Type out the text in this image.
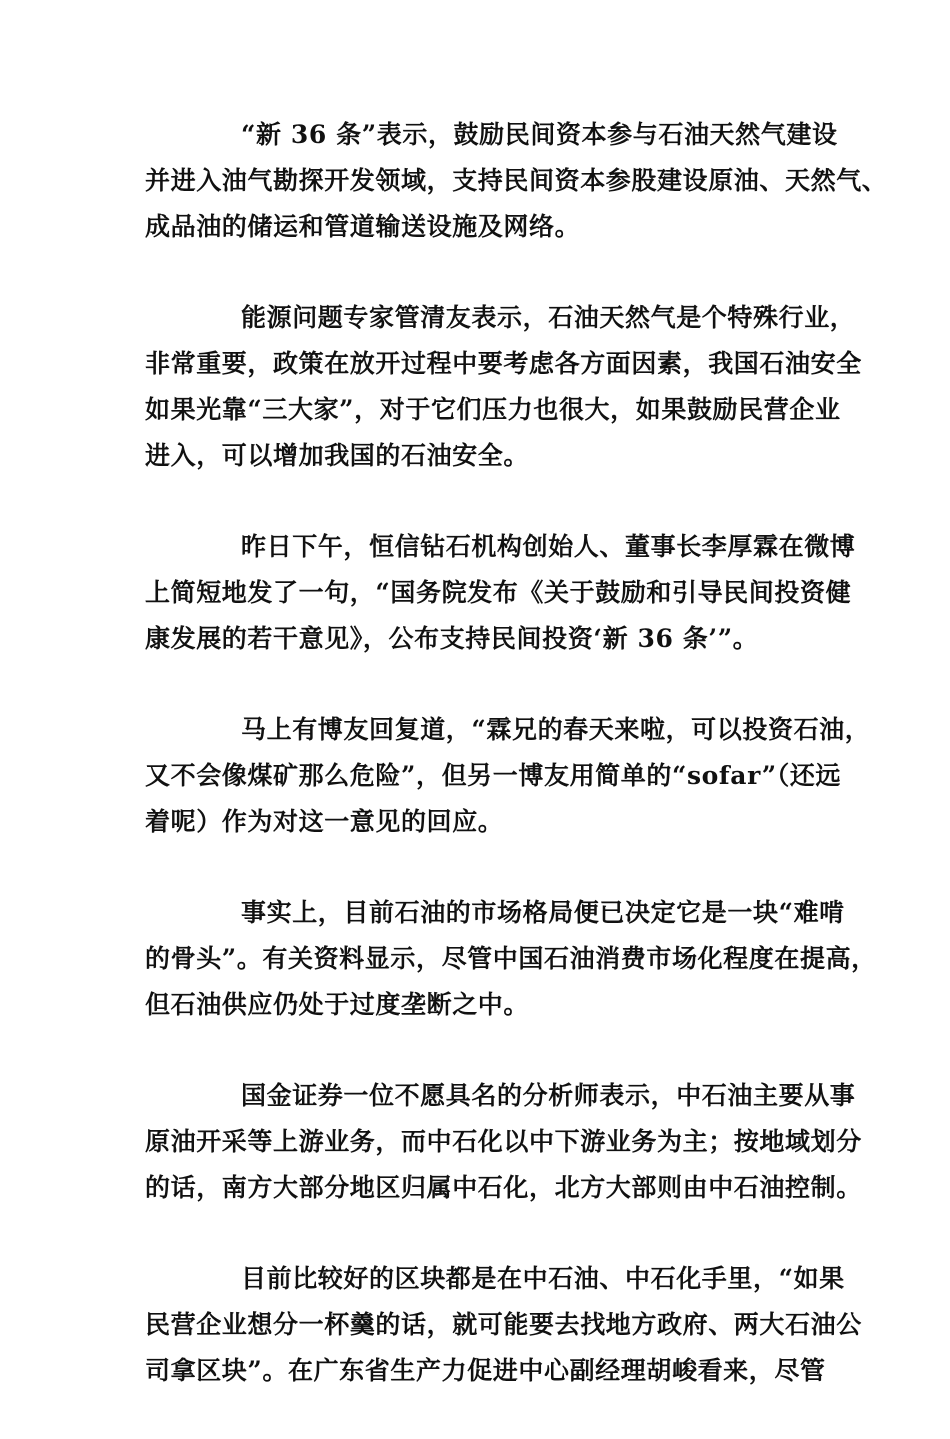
“新 36 条”表示，鼓励民间资本参与石油天然气建设
并进入油气勘探开发领域，支持民间资本参股建设原油、天然气、
成品油的储运和管道输送设施及网络。
能源问题专家管清友表示，石油天然气是个特殊行业，
非常重要，政策在放开过程中要考虑各方面因素，我国石油安全
如果光靠“三大家”，对于它们压力也很大，如果鼓励民营企业
进入，可以增加我国的石油安全。
昨日下午，恒信钻石机构创始人、董事长李厚霖在微博
上简短地发了一句，“国务院发布《关于鼓励和引导民间投资健
康发展的若干意见》，公布支持民间投资‘新 36 条’”。
马上有博友回复道，“霖兄的春天来啦，可以投资石油，
又不会像煤矿那么危险”，但另一博友用简单的“sofar”（还远
着呢）作为对这一意见的回应。
事实上，目前石油的市场格局便已决定它是一块“难啃
的骨头”。有关资料显示，尽管中国石油消费市场化程度在提高，
但石油供应仍处于过度垄断之中。
国金证券一位不愿具名的分析师表示，中石油主要从事
原油开采等上游业务，而中石化以中下游业务为主；按地域划分
的话，南方大部分地区归属中石化，北方大部则由中石油控制。
目前比较好的区块都是在中石油、中石化手里，“如果
民营企业想分一杯羹的话，就可能要去找地方政府、两大石油公
司拿区块”。在广东省生产力促进中心副经理胡峻看来，尽管
